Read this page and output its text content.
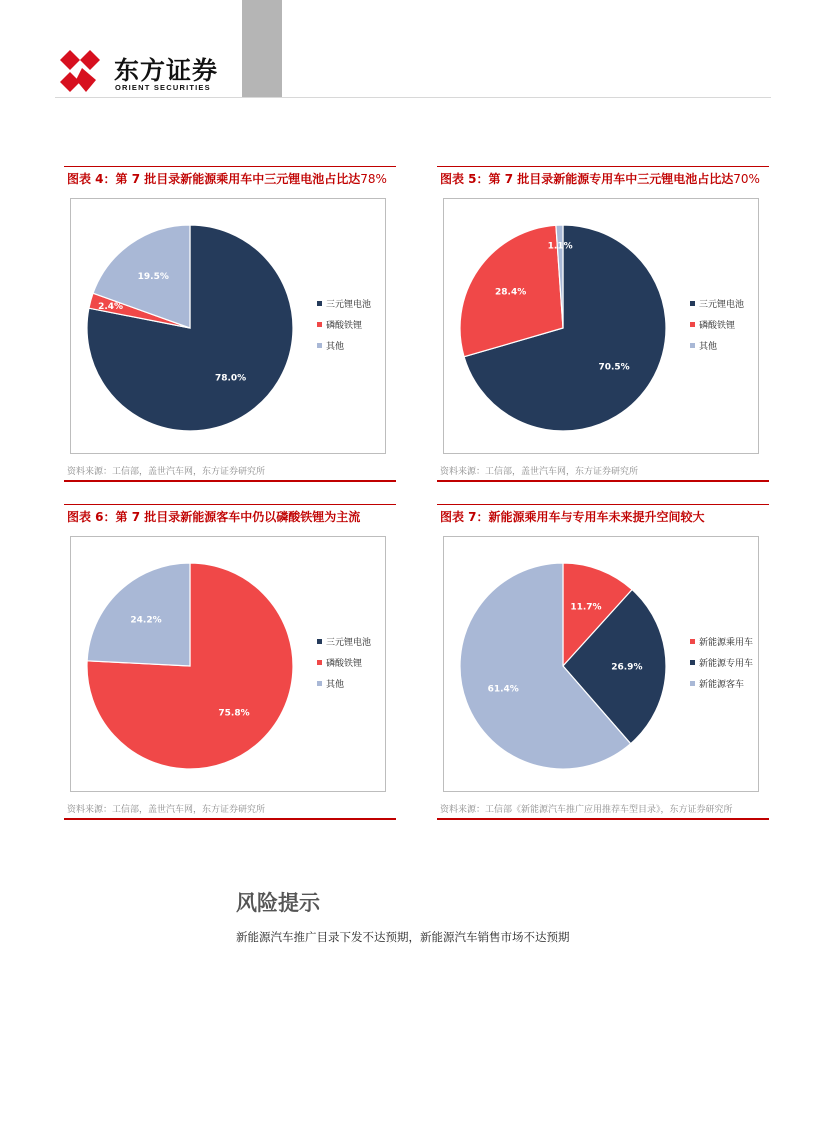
东方证券
ORIENT SECURITIES
图表 4：第 7 批目录新能源乘用车中三元锂电池占比达78%
78.0%
2.4%
19.5%
三元锂电池
磷酸铁锂
其他
资料来源：工信部，盖世汽车网，东方证券研究所
图表 5：第 7 批目录新能源专用车中三元锂电池占比达70%
70.5%
28.4%
1.1%
三元锂电池
磷酸铁锂
其他
资料来源：工信部，盖世汽车网，东方证券研究所
图表 6：第 7 批目录新能源客车中仍以磷酸铁锂为主流
75.8%
24.2%
三元锂电池
磷酸铁锂
其他
资料来源：工信部，盖世汽车网，东方证券研究所
图表 7：新能源乘用车与专用车未来提升空间较大
11.7%
26.9%
61.4%
新能源乘用车
新能源专用车
新能源客车
资料来源：工信部《新能源汽车推广应用推荐车型目录》，东方证券研究所
风险提示
新能源汽车推广目录下发不达预期，新能源汽车销售市场不达预期
